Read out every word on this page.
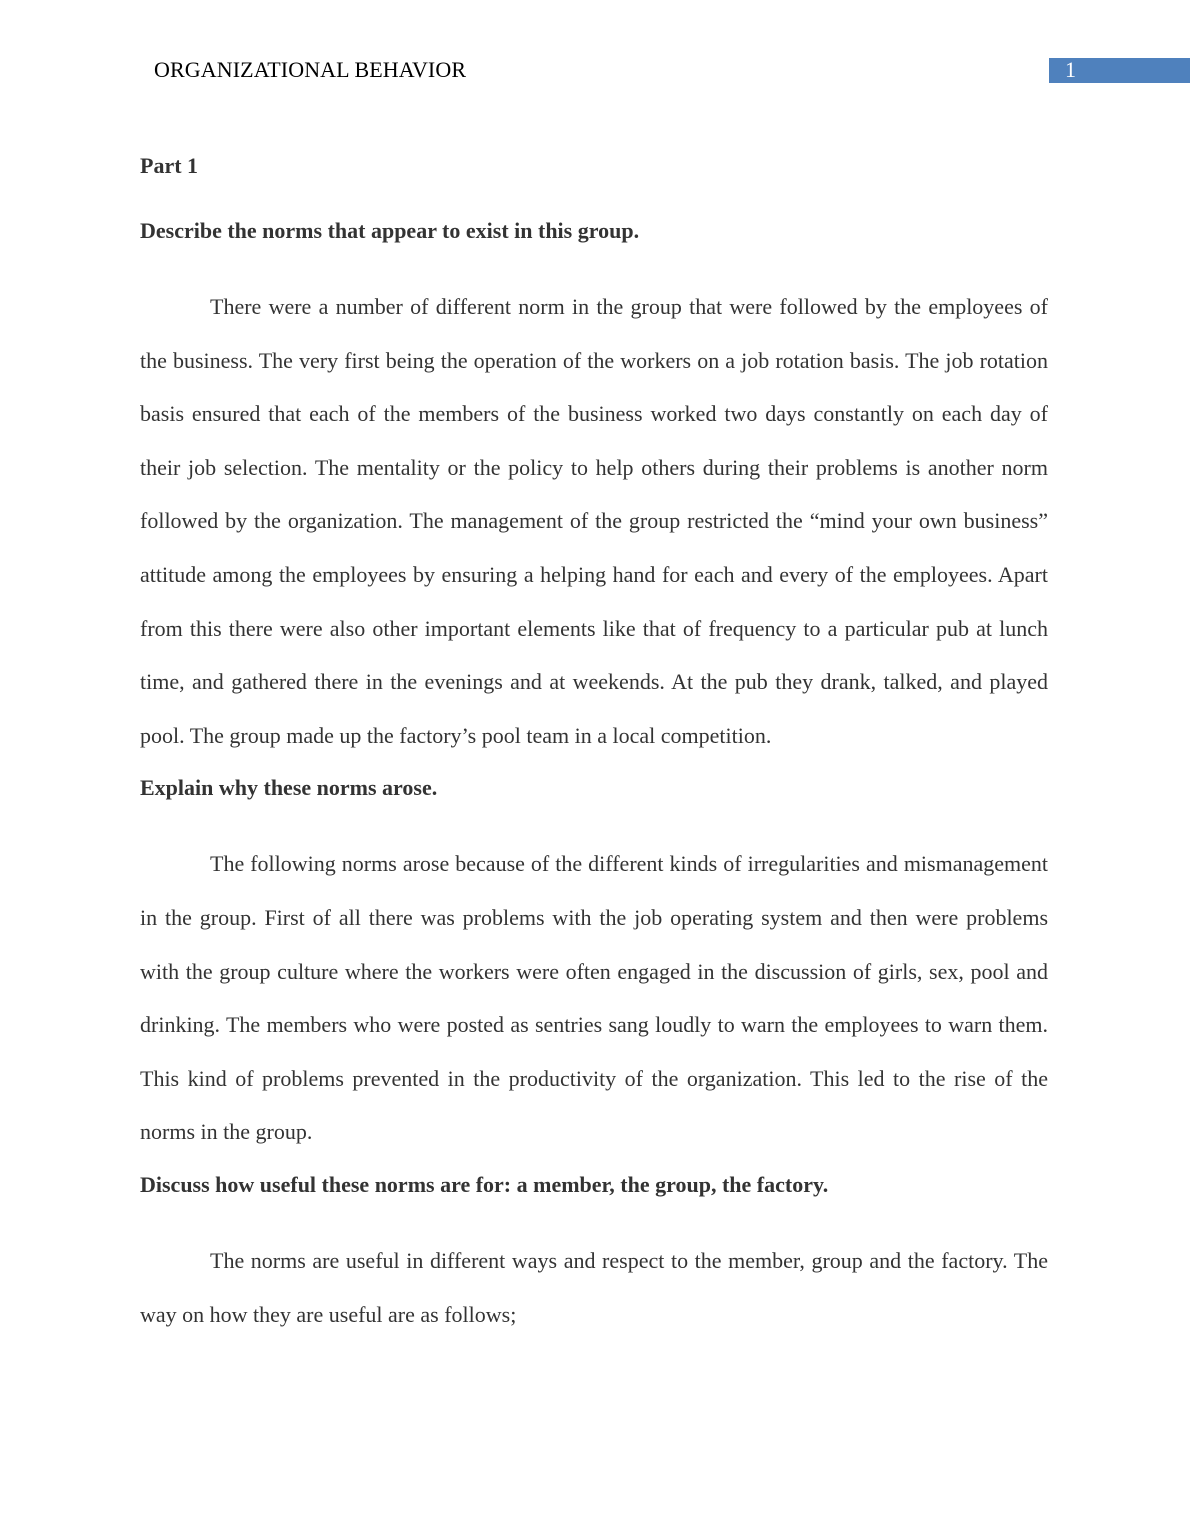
ORGANIZATIONAL BEHAVIOR	1

Part 1

Describe the norms that appear to exist in this group.

There were a number of different norm in the group that were followed by the employees of the business. The very first being the operation of the workers on a job rotation basis. The job rotation basis ensured that each of the members of the business worked two days constantly on each day of their job selection. The mentality or the policy to help others during their problems is another norm followed by the organization. The management of the group restricted the “mind your own business” attitude among the employees by ensuring a helping hand for each and every of the employees. Apart from this there were also other important elements like that of frequency to a particular pub at lunch time, and gathered there in the evenings and at weekends. At the pub they drank, talked, and played pool. The group made up the factory’s pool team in a local competition.

Explain why these norms arose.

The following norms arose because of the different kinds of irregularities and mismanagement in the group. First of all there was problems with the job operating system and then were problems with the group culture where the workers were often engaged in the discussion of girls, sex, pool and drinking. The members who were posted as sentries sang loudly to warn the employees to warn them. This kind of problems prevented in the productivity of the organization. This led to the rise of the norms in the group.

Discuss how useful these norms are for: a member, the group, the factory.

The norms are useful in different ways and respect to the member, group and the factory. The way on how they are useful are as follows;
